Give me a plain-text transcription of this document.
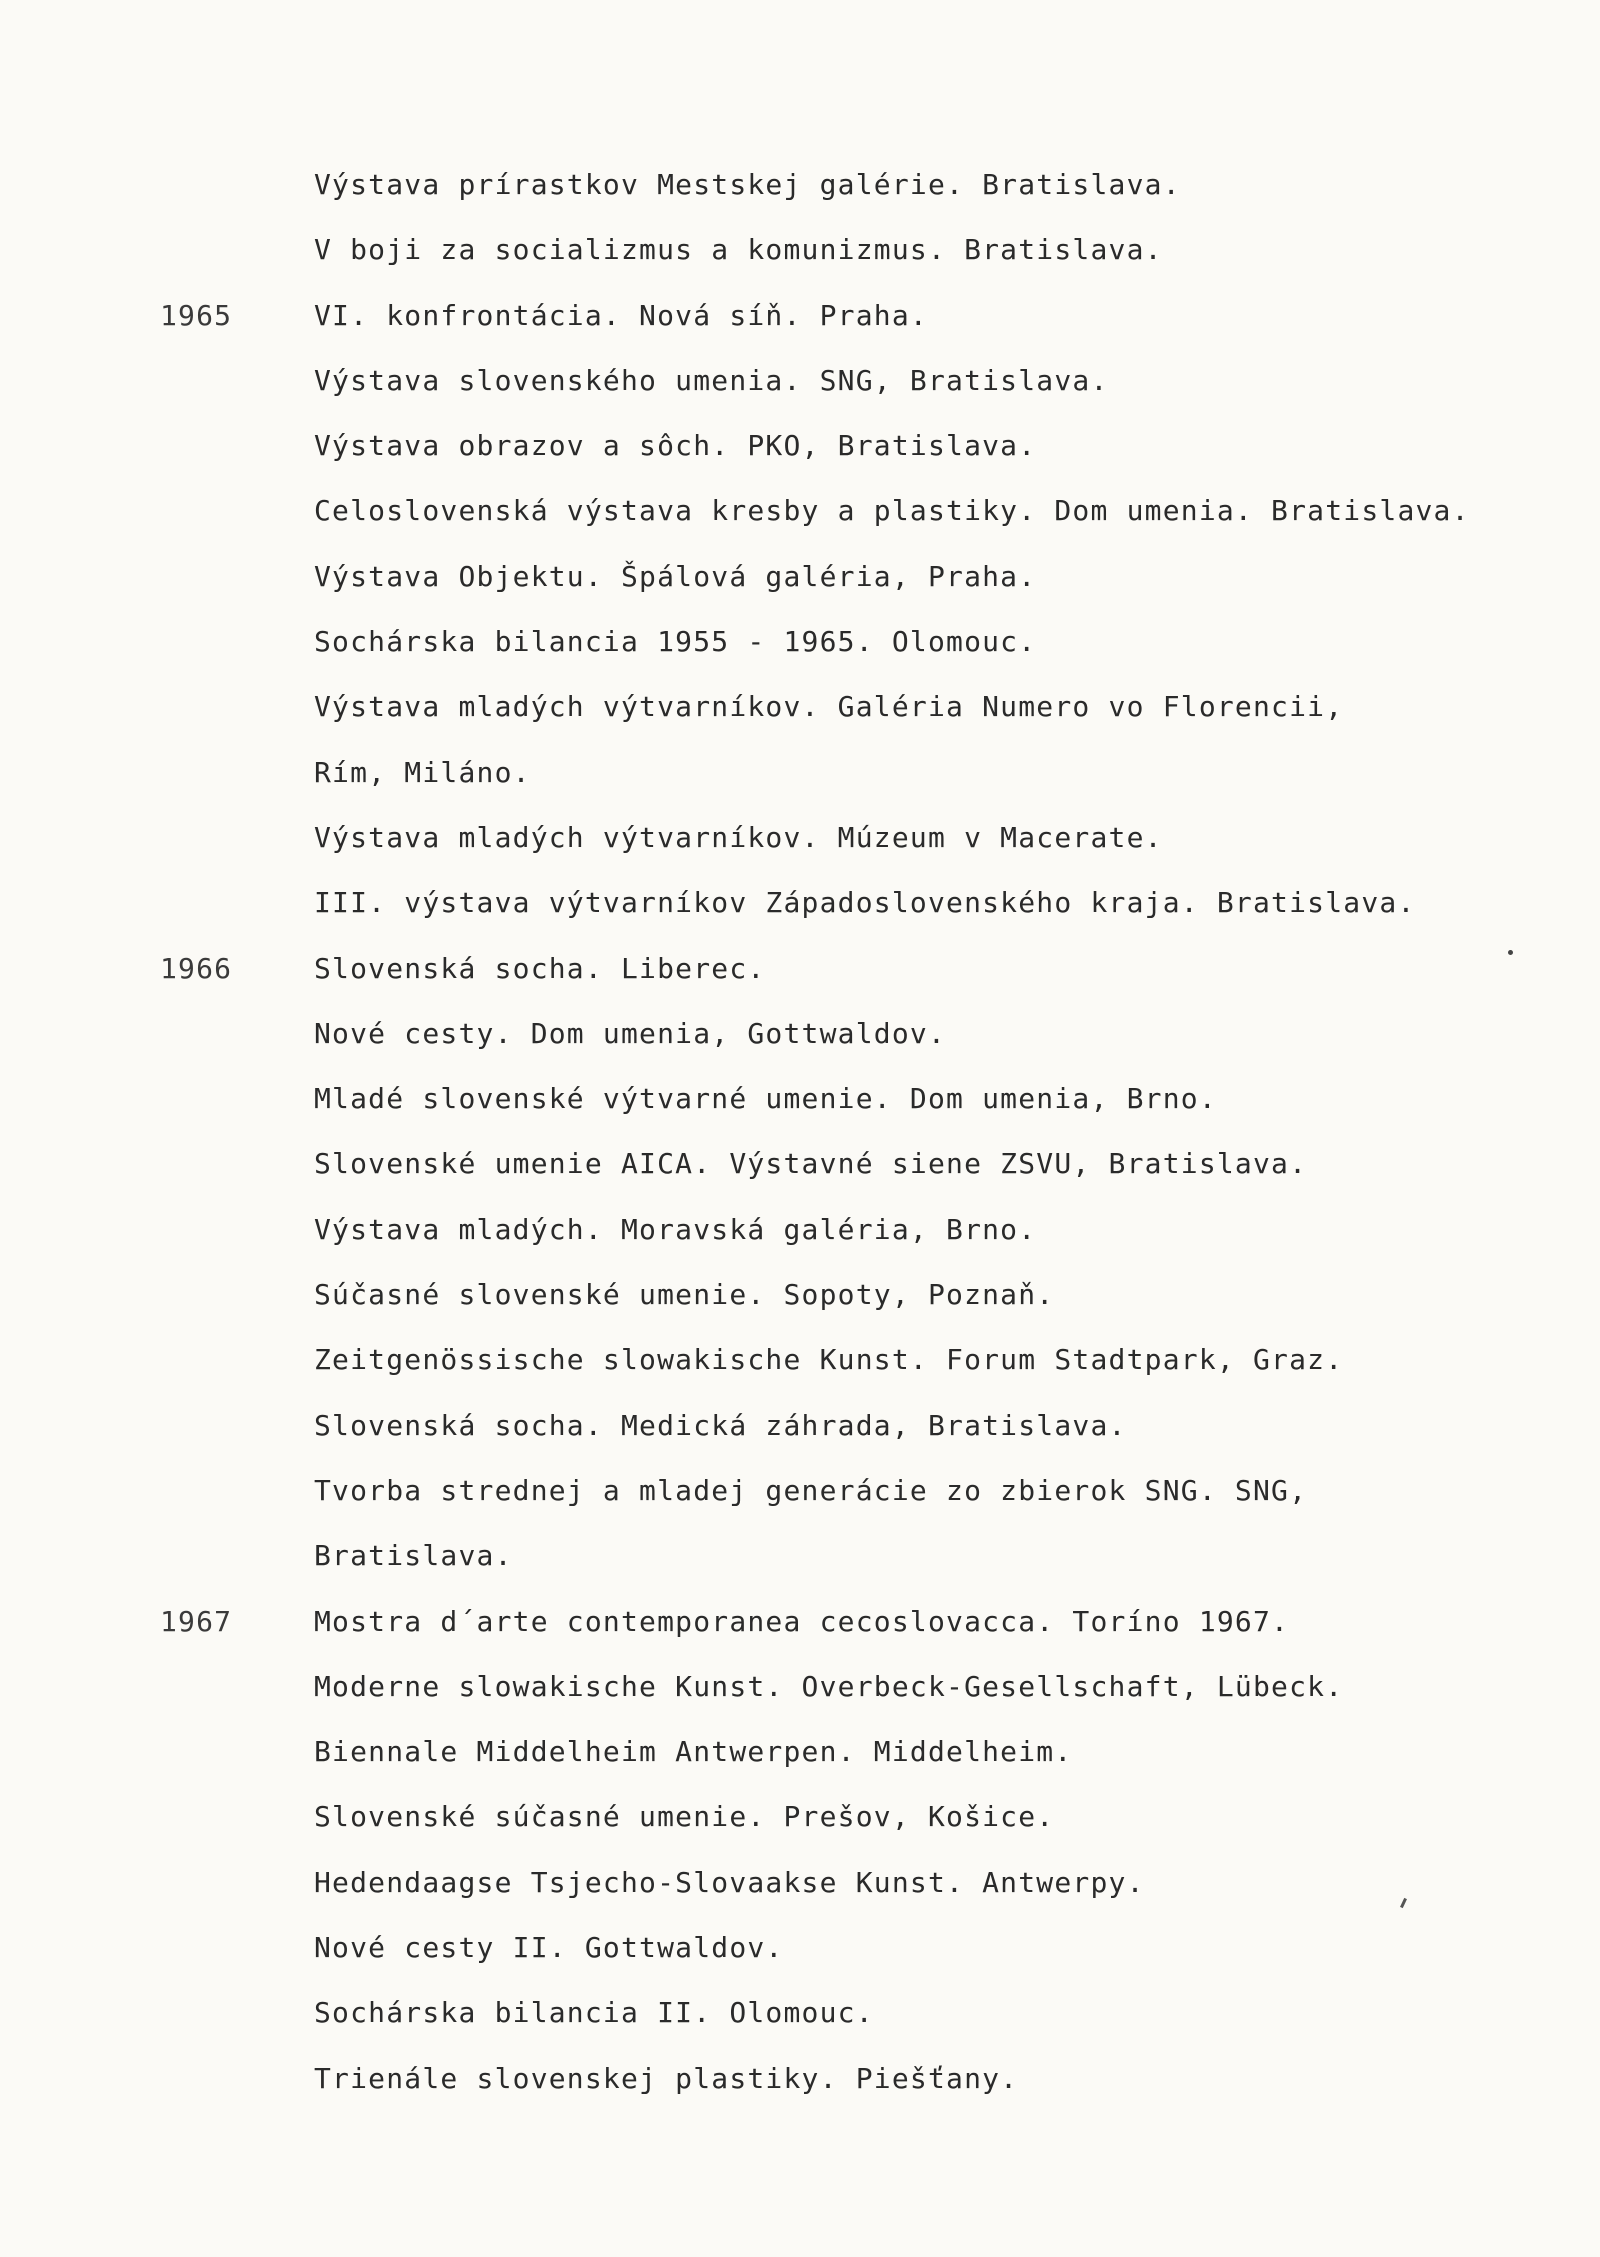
Výstava prírastkov Mestskej galérie. Bratislava.
V boji za socializmus a komunizmus. Bratislava.
1965	VI. konfrontácia. Nová síň. Praha.
Výstava slovenského umenia. SNG, Bratislava.
Výstava obrazov a sôch. PKO, Bratislava.
Celoslovenská výstava kresby a plastiky. Dom umenia. Bratislava.
Výstava Objektu. Špálová galéria, Praha.
Sochárska bilancia 1955 - 1965. Olomouc.
Výstava mladých výtvarníkov. Galéria Numero vo Florencii,
Rím, Miláno.
Výstava mladých výtvarníkov. Múzeum v Macerate.
III. výstava výtvarníkov Západoslovenského kraja. Bratislava.
1966	Slovenská socha. Liberec.
Nové cesty. Dom umenia, Gottwaldov.
Mladé slovenské výtvarné umenie. Dom umenia, Brno.
Slovenské umenie AICA. Výstavné siene ZSVU, Bratislava.
Výstava mladých. Moravská galéria, Brno.
Súčasné slovenské umenie. Sopoty, Poznaň.
Zeitgenössische slowakische Kunst. Forum Stadtpark, Graz.
Slovenská socha. Medická záhrada, Bratislava.
Tvorba strednej a mladej generácie zo zbierok SNG. SNG,
Bratislava.
1967	Mostra d´arte contemporanea cecoslovacca. Toríno 1967.
Moderne slowakische Kunst. Overbeck-Gesellschaft, Lübeck.
Biennale Middelheim Antwerpen. Middelheim.
Slovenské súčasné umenie. Prešov, Košice.
Hedendaagse Tsjecho-Slovaakse Kunst. Antwerpy.
Nové cesty II. Gottwaldov.
Sochárska bilancia II. Olomouc.
Trienále slovenskej plastiky. Piešťany.
